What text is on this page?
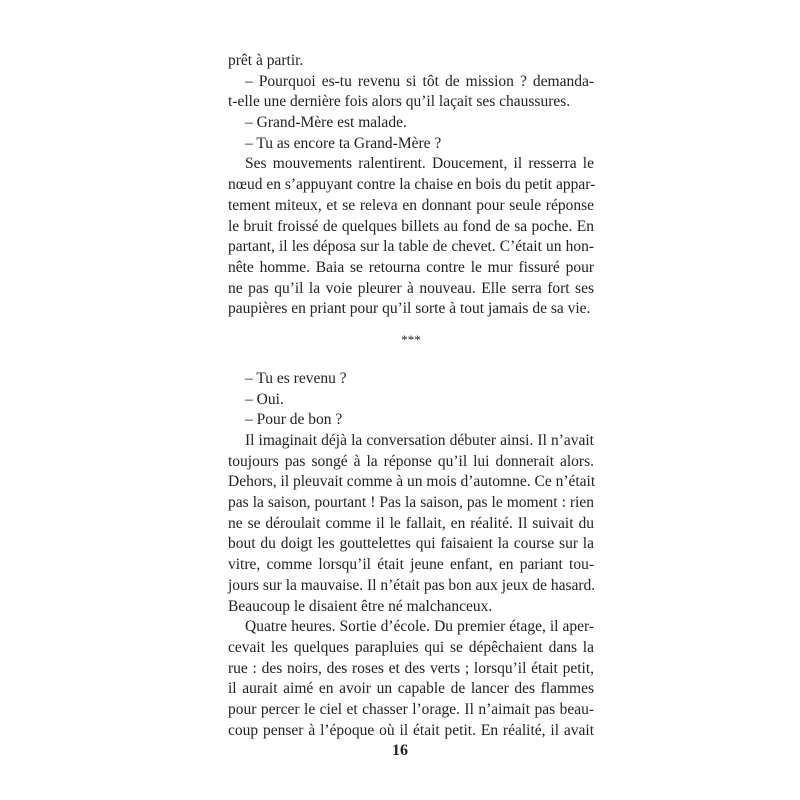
prêt à partir.
– Pourquoi es-tu revenu si tôt de mission ? demanda-
t-elle une dernière fois alors qu’il laçait ses chaussures.
– Grand-Mère est malade.
– Tu as encore ta Grand-Mère ?
Ses mouvements ralentirent. Doucement, il resserra le
nœud en s’appuyant contre la chaise en bois du petit appar-
tement miteux, et se releva en donnant pour seule réponse
le bruit froissé de quelques billets au fond de sa poche. En
partant, il les déposa sur la table de chevet. C’était un hon-
nête homme. Baia se retourna contre le mur fissuré pour
ne pas qu’il la voie pleurer à nouveau. Elle serra fort ses
paupières en priant pour qu’il sorte à tout jamais de sa vie.
***
– Tu es revenu ?
– Oui.
– Pour de bon ?
Il imaginait déjà la conversation débuter ainsi. Il n’avait
toujours pas songé à la réponse qu’il lui donnerait alors.
Dehors, il pleuvait comme à un mois d’automne. Ce n’était
pas la saison, pourtant ! Pas la saison, pas le moment : rien
ne se déroulait comme il le fallait, en réalité. Il suivait du
bout du doigt les gouttelettes qui faisaient la course sur la
vitre, comme lorsqu’il était jeune enfant, en pariant tou-
jours sur la mauvaise. Il n’était pas bon aux jeux de hasard.
Beaucoup le disaient être né malchanceux.
Quatre heures. Sortie d’école. Du premier étage, il aper-
cevait les quelques parapluies qui se dépêchaient dans la
rue : des noirs, des roses et des verts ; lorsqu’il était petit,
il aurait aimé en avoir un capable de lancer des flammes
pour percer le ciel et chasser l’orage. Il n’aimait pas beau-
coup penser à l’époque où il était petit. En réalité, il avait
16
